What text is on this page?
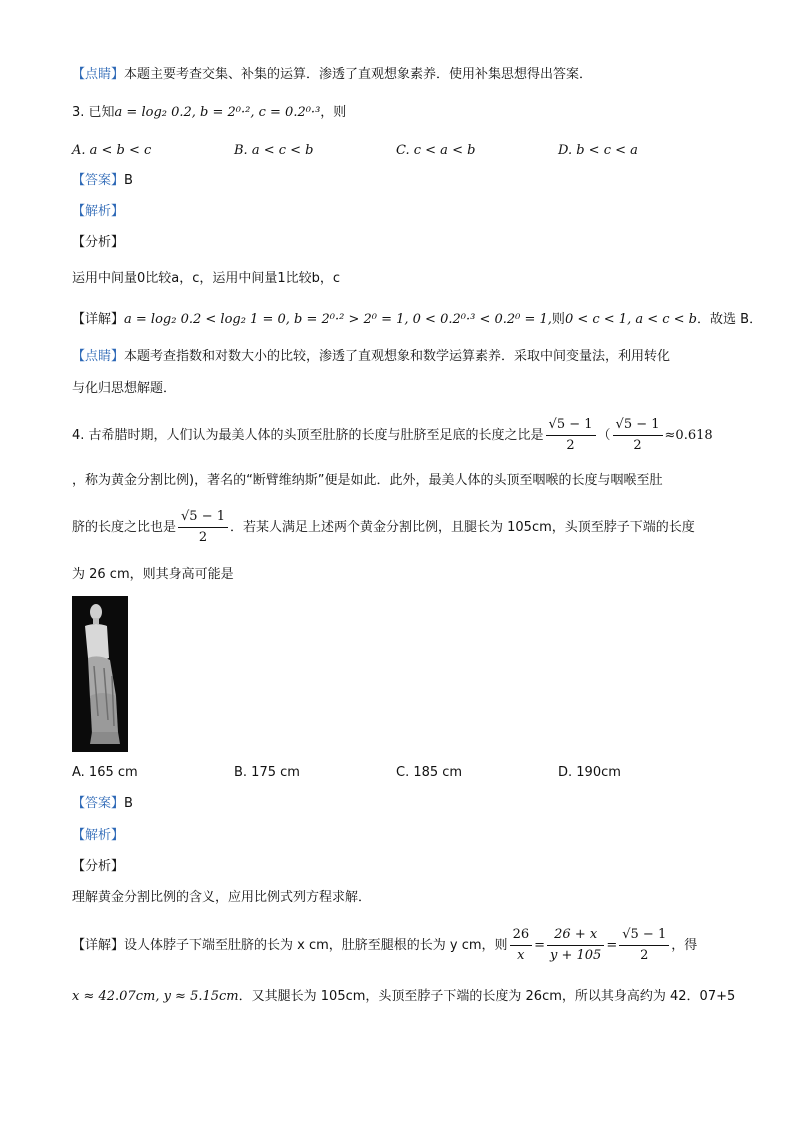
【点睛】本题主要考查交集、补集的运算．渗透了直观想象素养．使用补集思想得出答案．
3. 已知a = log₂ 0.2, b = 2⁰·², c = 0.2⁰·³，则
A. a < b < c	B. a < c < b	C. c < a < b	D. b < c < a
【答案】B
【解析】
【分析】
运用中间量0比较a，c，运用中间量1比较b，c
【详解】a = log₂ 0.2 < log₂ 1 = 0, b = 2⁰·² > 2⁰ = 1, 0 < 0.2⁰·³ < 0.2⁰ = 1,则0 < c < 1, a < c < b．故选 B．
【点睛】本题考查指数和对数大小的比较，渗透了直观想象和数学运算素养．采取中间变量法，利用转化
与化归思想解题．
4. 古希腊时期，人们认为最美人体的头顶至肚脐的长度与肚脐至足底的长度之比是 $\frac{√5 - 1}{2}$ （ $\frac{√5 - 1}{2} \approx 0.618$
，称为黄金分割比例)，著名的“断臂维纳斯”便是如此．此外，最美人体的头顶至咽喉的长度与咽喉至肚
脐的长度之比也是 $\frac{√5 - 1}{2}$ ．若某人满足上述两个黄金分割比例，且腿长为 105cm，头顶至脖子下端的长度
为 26 cm，则其身高可能是
A. 165 cm	B. 175 cm	C. 185 cm	D. 190cm
【答案】B
【解析】
【分析】
理解黄金分割比例的含义，应用比例式列方程求解．
【详解】设人体脖子下端至肚脐的长为 x cm，肚脐至腿根的长为 y cm，则 $\frac{26}{x} = \frac{26 + x}{y + 105} = \frac{√5 - 1}{2}$ ，得
x ≈ 42.07cm, y ≈ 5.15cm．又其腿长为 105cm，头顶至脖子下端的长度为 26cm，所以其身高约为 42．07+5
